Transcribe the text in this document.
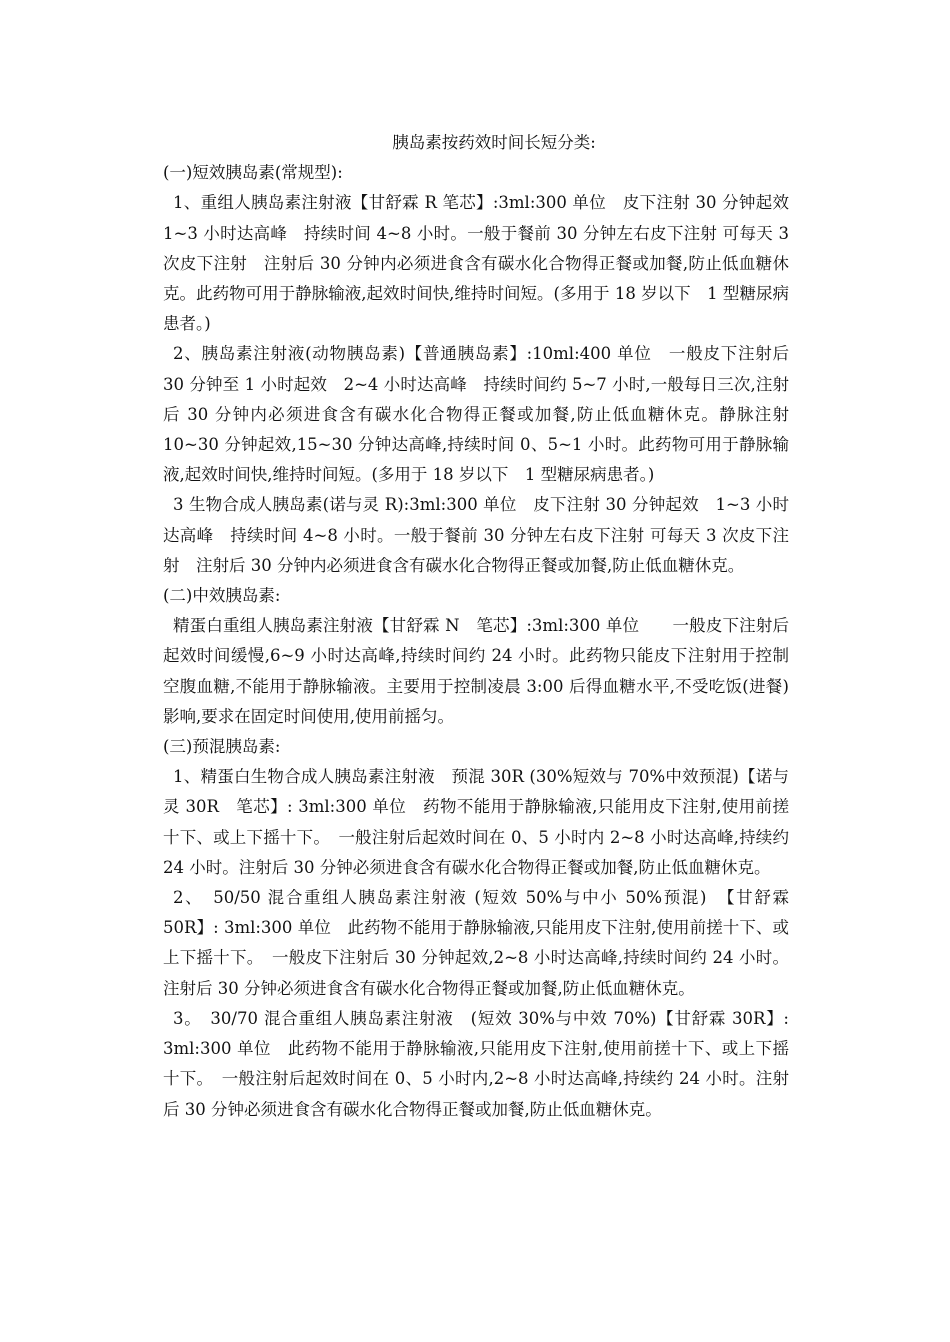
胰岛素按药效时间长短分类:

(一)短效胰岛素(常规型):

1、重组人胰岛素注射液【甘舒霖 R 笔芯】:3ml:300 单位　皮下注射 30 分钟起效　1~3 小时达高峰　持续时间 4~8 小时。一般于餐前 30 分钟左右皮下注射 可每天 3 次皮下注射　注射后 30 分钟内必须进食含有碳水化合物得正餐或加餐,防止低血糖休克。此药物可用于静脉输液,起效时间快,维持时间短。(多用于 18 岁以下　1 型糖尿病患者。)

2、胰岛素注射液(动物胰岛素)【普通胰岛素】:10ml:400 单位　一般皮下注射后 30 分钟至 1 小时起效　2~4 小时达高峰　持续时间约 5~7 小时,一般每日三次,注射后 30 分钟内必须进食含有碳水化合物得正餐或加餐,防止低血糖休克。静脉注射 10~30 分钟起效,15~30 分钟达高峰,持续时间 0、5~1 小时。此药物可用于静脉输液,起效时间快,维持时间短。(多用于 18 岁以下　1 型糖尿病患者。)

3 生物合成人胰岛素(诺与灵 R):3ml:300 单位　皮下注射 30 分钟起效　1~3 小时达高峰　持续时间 4~8 小时。一般于餐前 30 分钟左右皮下注射 可每天 3 次皮下注射　注射后 30 分钟内必须进食含有碳水化合物得正餐或加餐,防止低血糖休克。

(二)中效胰岛素:

精蛋白重组人胰岛素注射液【甘舒霖 N　笔芯】:3ml:300 单位　　一般皮下注射后起效时间缓慢,6~9 小时达高峰,持续时间约 24 小时。此药物只能皮下注射用于控制空腹血糖,不能用于静脉输液。主要用于控制凌晨 3:00 后得血糖水平,不受吃饭(进餐)影响,要求在固定时间使用,使用前摇匀。

(三)预混胰岛素:

1、精蛋白生物合成人胰岛素注射液　预混 30R (30%短效与 70%中效预混)【诺与灵 30R　笔芯】: 3ml:300 单位　药物不能用于静脉输液,只能用皮下注射,使用前搓十下、或上下摇十下。　一般注射后起效时间在 0、5 小时内 2~8 小时达高峰,持续约 24 小时。注射后 30 分钟必须进食含有碳水化合物得正餐或加餐,防止低血糖休克。

2、　50/50 混合重组人胰岛素注射液 (短效 50%与中小 50%预混)　【甘舒霖 50R】: 3ml:300 单位　此药物不能用于静脉输液,只能用皮下注射,使用前搓十下、或上下摇十下。　一般皮下注射后 30 分钟起效,2~8 小时达高峰,持续时间约 24 小时。注射后 30 分钟必须进食含有碳水化合物得正餐或加餐,防止低血糖休克。

3。　30/70 混合重组人胰岛素注射液　(短效 30%与中效 70%)【甘舒霖 30R】: 3ml:300 单位　此药物不能用于静脉输液,只能用皮下注射,使用前搓十下、或上下摇十下。　一般注射后起效时间在 0、5 小时内,2~8 小时达高峰,持续约 24 小时。注射后 30 分钟必须进食含有碳水化合物得正餐或加餐,防止低血糖休克。
